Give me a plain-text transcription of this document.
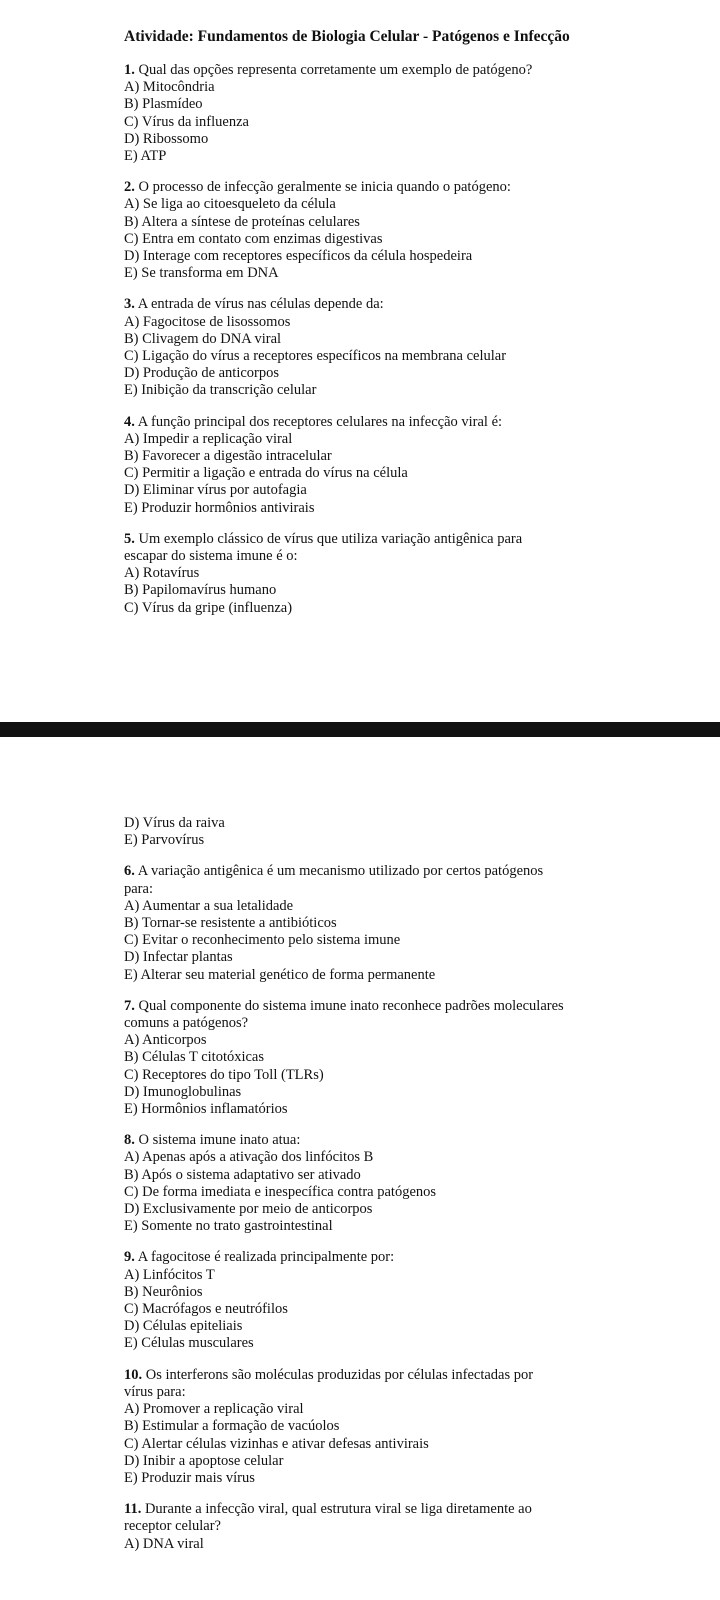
Atividade: Fundamentos de Biologia Celular - Patógenos e Infecção
1. Qual das opções representa corretamente um exemplo de patógeno?
A) Mitocôndria
B) Plasmídeo
C) Vírus da influenza
D) Ribossomo
E) ATP
2. O processo de infecção geralmente se inicia quando o patógeno:
A) Se liga ao citoesqueleto da célula
B) Altera a síntese de proteínas celulares
C) Entra em contato com enzimas digestivas
D) Interage com receptores específicos da célula hospedeira
E) Se transforma em DNA
3. A entrada de vírus nas células depende da:
A) Fagocitose de lisossomos
B) Clivagem do DNA viral
C) Ligação do vírus a receptores específicos na membrana celular
D) Produção de anticorpos
E) Inibição da transcrição celular
4. A função principal dos receptores celulares na infecção viral é:
A) Impedir a replicação viral
B) Favorecer a digestão intracelular
C) Permitir a ligação e entrada do vírus na célula
D) Eliminar vírus por autofagia
E) Produzir hormônios antivirais
5. Um exemplo clássico de vírus que utiliza variação antigênica para
escapar do sistema imune é o:
A) Rotavírus
B) Papilomavírus humano
C) Vírus da gripe (influenza)
D) Vírus da raiva
E) Parvovírus
6. A variação antigênica é um mecanismo utilizado por certos patógenos
para:
A) Aumentar a sua letalidade
B) Tornar-se resistente a antibióticos
C) Evitar o reconhecimento pelo sistema imune
D) Infectar plantas
E) Alterar seu material genético de forma permanente
7. Qual componente do sistema imune inato reconhece padrões moleculares
comuns a patógenos?
A) Anticorpos
B) Células T citotóxicas
C) Receptores do tipo Toll (TLRs)
D) Imunoglobulinas
E) Hormônios inflamatórios
8. O sistema imune inato atua:
A) Apenas após a ativação dos linfócitos B
B) Após o sistema adaptativo ser ativado
C) De forma imediata e inespecífica contra patógenos
D) Exclusivamente por meio de anticorpos
E) Somente no trato gastrointestinal
9. A fagocitose é realizada principalmente por:
A) Linfócitos T
B) Neurônios
C) Macrófagos e neutrófilos
D) Células epiteliais
E) Células musculares
10. Os interferons são moléculas produzidas por células infectadas por
vírus para:
A) Promover a replicação viral
B) Estimular a formação de vacúolos
C) Alertar células vizinhas e ativar defesas antivirais
D) Inibir a apoptose celular
E) Produzir mais vírus
11. Durante a infecção viral, qual estrutura viral se liga diretamente ao
receptor celular?
A) DNA viral
